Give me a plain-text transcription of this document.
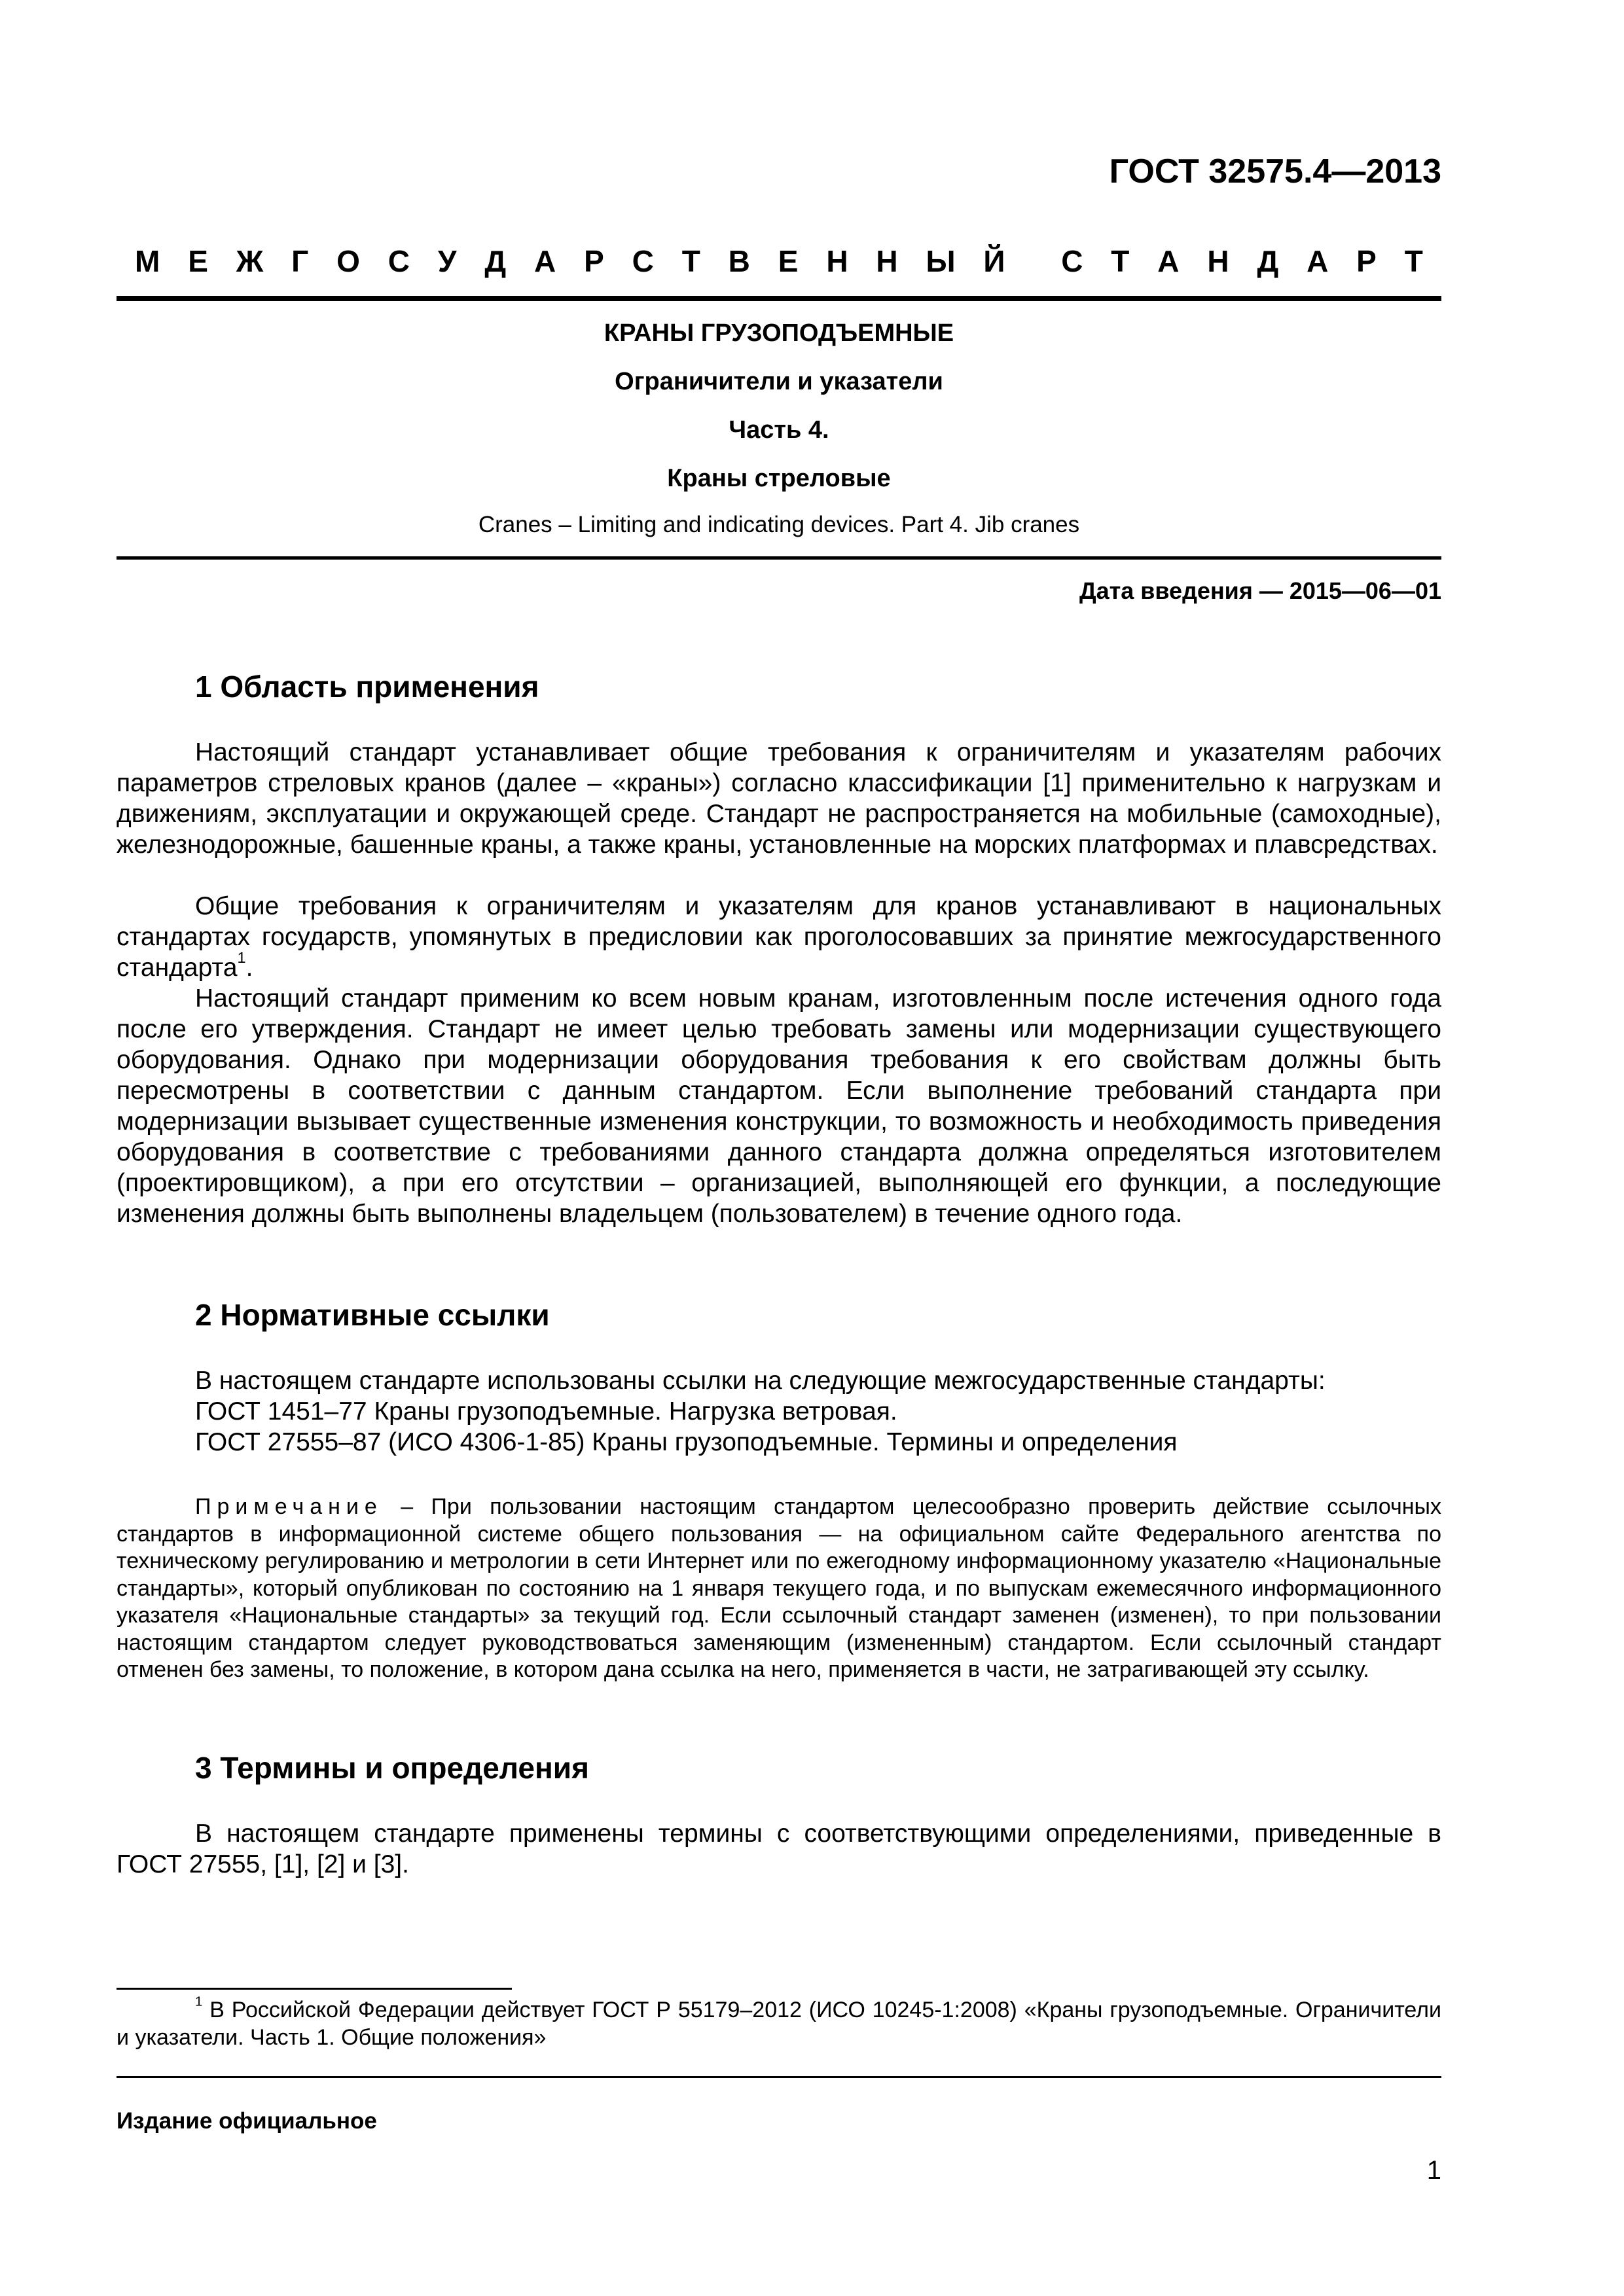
ГОСТ 32575.4—2013
М Е Ж Г О С У Д А Р С Т В Е Н Н Ы Й С Т А Н Д А Р Т
КРАНЫ ГРУЗОПОДЪЕМНЫЕ
Ограничители и указатели
Часть 4.
Краны стреловые
Cranes – Limiting and indicating devices. Part 4. Jib cranes
Дата введения — 2015—06—01
1 Область применения

Настоящий стандарт устанавливает общие требования к ограничителям и указателям рабочих параметров стреловых кранов (далее – «краны») согласно классификации [1] применительно к нагрузкам и движениям, эксплуатации и окружающей среде. Стандарт не распространяется на мобильные (самоходные), железнодорожные, башенные краны, а также краны, установленные на морских платформах и плавсредствах.

Общие требования к ограничителям и указателям для кранов устанавливают в национальных стандартах государств, упомянутых в предисловии как проголосовавших за принятие межгосударственного стандарта$^1$.

Настоящий стандарт применим ко всем новым кранам, изготовленным после истечения одного года после его утверждения. Стандарт не имеет целью требовать замены или модернизации существующего оборудования. Однако при модернизации оборудования требования к его свойствам должны быть пересмотрены в соответствии с данным стандартом. Если выполнение требований стандарта при модернизации вызывает существенные изменения конструкции, то возможность и необходимость приведения оборудования в соответствие с требованиями данного стандарта должна определяться изготовителем (проектировщиком), а при его отсутствии – организацией, выполняющей его функции, а последующие изменения должны быть выполнены владельцем (пользователем) в течение одного года.

2 Нормативные ссылки
В настоящем стандарте использованы ссылки на следующие межгосударственные стандарты:
ГОСТ 1451–77 Краны грузоподъемные. Нагрузка ветровая.
ГОСТ 27555–87 (ИСО 4306-1-85) Краны грузоподъемные. Термины и определения

Примечание – При пользовании настоящим стандартом целесообразно проверить действие ссылочных стандартов в информационной системе общего пользования — на официальном сайте Федерального агентства по техническому регулированию и метрологии в сети Интернет или по ежегодному информационному указателю «Национальные стандарты», который опубликован по состоянию на 1 января текущего года, и по выпускам ежемесячного информационного указателя «Национальные стандарты» за текущий год. Если ссылочный стандарт заменен (изменен), то при пользовании настоящим стандартом следует руководствоваться заменяющим (измененным) стандартом. Если ссылочный стандарт отменен без замены, то положение, в котором дана ссылка на него, применяется в части, не затрагивающей эту ссылку.

3 Термины и определения

В настоящем стандарте применены термины с соответствующими определениями, приведенные в ГОСТ 27555, [1], [2] и [3].

$^1$ В Российской Федерации действует ГОСТ Р 55179–2012 (ИСО 10245-1:2008) «Краны грузоподъемные. Ограничители и указатели. Часть 1. Общие положения»

Издание официальное
1
